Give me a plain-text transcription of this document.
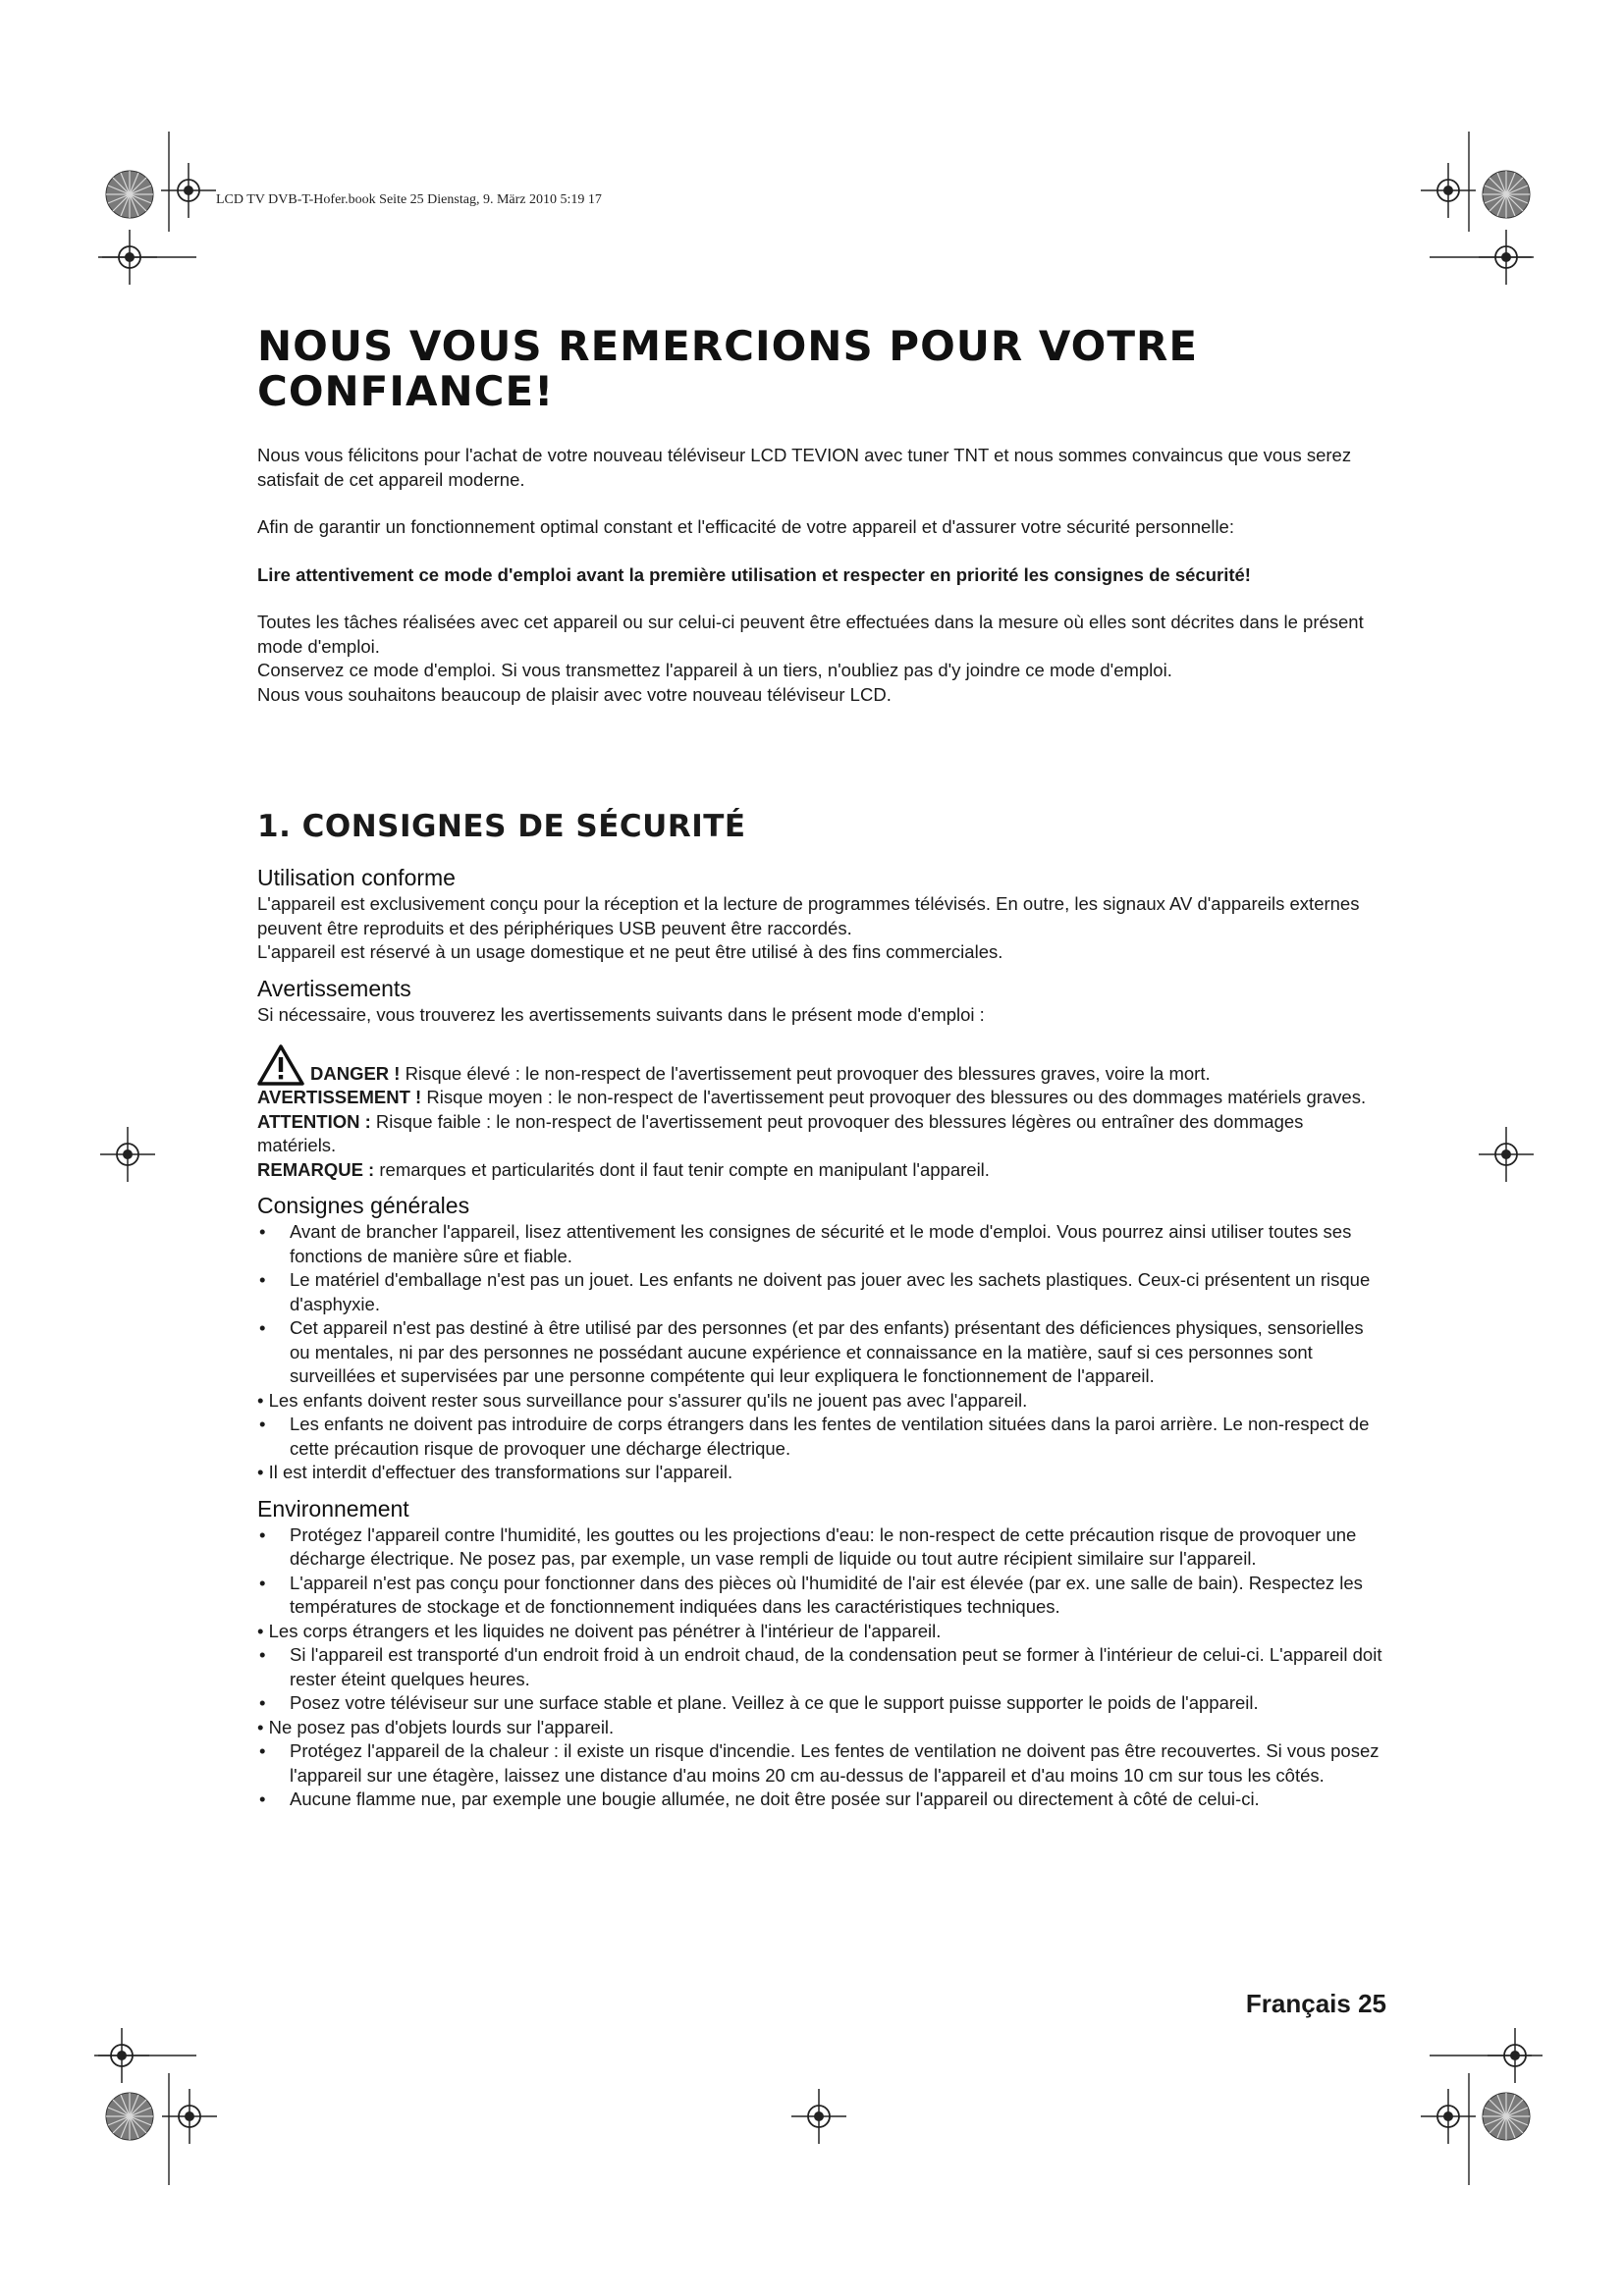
LCD TV DVB-T-Hofer.book Seite 25 Dienstag, 9. März 2010 5:19 17
NOUS VOUS REMERCIONS POUR VOTRE
CONFIANCE!

Nous vous félicitons pour l'achat de votre nouveau téléviseur LCD TEVION avec tuner TNT et nous sommes convaincus que vous serez satisfait de cet appareil moderne.

Afin de garantir un fonctionnement optimal constant et l'efficacité de votre appareil et d'assurer votre sécurité personnelle:

Lire attentivement ce mode d'emploi avant la première utilisation et respecter en priorité les consignes de sécurité!

Toutes les tâches réalisées avec cet appareil ou sur celui-ci peuvent être effectuées dans la mesure où elles sont décrites dans le présent mode d'emploi.

Conservez ce mode d'emploi. Si vous transmettez l'appareil à un tiers, n'oubliez pas d'y joindre ce mode d'emploi.

Nous vous souhaitons beaucoup de plaisir avec votre nouveau téléviseur LCD.

1. CONSIGNES DE SÉCURITÉ
Utilisation conforme

L'appareil est exclusivement conçu pour la réception et la lecture de programmes télévisés. En outre, les signaux AV d'appareils externes peuvent être reproduits et des périphériques USB peuvent être raccordés.

L'appareil est réservé à un usage domestique et ne peut être utilisé à des fins commerciales.

Avertissements

Si nécessaire, vous trouverez les avertissements suivants dans le présent mode d'emploi :

DANGER ! Risque élevé : le non-respect de l'avertissement peut provoquer des blessures graves, voire la mort.

AVERTISSEMENT ! Risque moyen : le non-respect de l'avertissement peut provoquer des blessures ou des dommages matériels graves.

ATTENTION : Risque faible : le non-respect de l'avertissement peut provoquer des blessures légères ou entraîner des dommages matériels.

REMARQUE : remarques et particularités dont il faut tenir compte en manipulant l'appareil.

Consignes générales
• Avant de brancher l'appareil, lisez attentivement les consignes de sécurité et le mode d'emploi. Vous pourrez ainsi utiliser toutes ses fonctions de manière sûre et fiable.
• Le matériel d'emballage n'est pas un jouet. Les enfants ne doivent pas jouer avec les sachets plastiques. Ceux-ci présentent un risque d'asphyxie.
• Cet appareil n'est pas destiné à être utilisé par des personnes (et par des enfants) présentant des déficiences physiques, sensorielles ou mentales, ni par des personnes ne possédant aucune expérience et connaissance en la matière, sauf si ces personnes sont surveillées et supervisées par une personne compétente qui leur expliquera le fonctionnement de l'appareil.
• Les enfants doivent rester sous surveillance pour s'assurer qu'ils ne jouent pas avec l'appareil.
• Les enfants ne doivent pas introduire de corps étrangers dans les fentes de ventilation situées dans la paroi arrière. Le non-respect de cette précaution risque de provoquer une décharge électrique.
• Il est interdit d'effectuer des transformations sur l'appareil.
Environnement
• Protégez l'appareil contre l'humidité, les gouttes ou les projections d'eau: le non-respect de cette précaution risque de provoquer une décharge électrique. Ne posez pas, par exemple, un vase rempli de liquide ou tout autre récipient similaire sur l'appareil.
• L'appareil n'est pas conçu pour fonctionner dans des pièces où l'humidité de l'air est élevée (par ex. une salle de bain). Respectez les températures de stockage et de fonctionnement indiquées dans les caractéristiques techniques.
• Les corps étrangers et les liquides ne doivent pas pénétrer à l'intérieur de l'appareil.
• Si l'appareil est transporté d'un endroit froid à un endroit chaud, de la condensation peut se former à l'intérieur de celui-ci. L'appareil doit rester éteint quelques heures.
• Posez votre téléviseur sur une surface stable et plane. Veillez à ce que le support puisse supporter le poids de l'appareil.
• Ne posez pas d'objets lourds sur l'appareil.
• Protégez l'appareil de la chaleur : il existe un risque d'incendie. Les fentes de ventilation ne doivent pas être recouvertes. Si vous posez l'appareil sur une étagère, laissez une distance d'au moins 20 cm au-dessus de l'appareil et d'au moins 10 cm sur tous les côtés.
• Aucune flamme nue, par exemple une bougie allumée, ne doit être posée sur l'appareil ou directement à côté de celui-ci.
Français 25
